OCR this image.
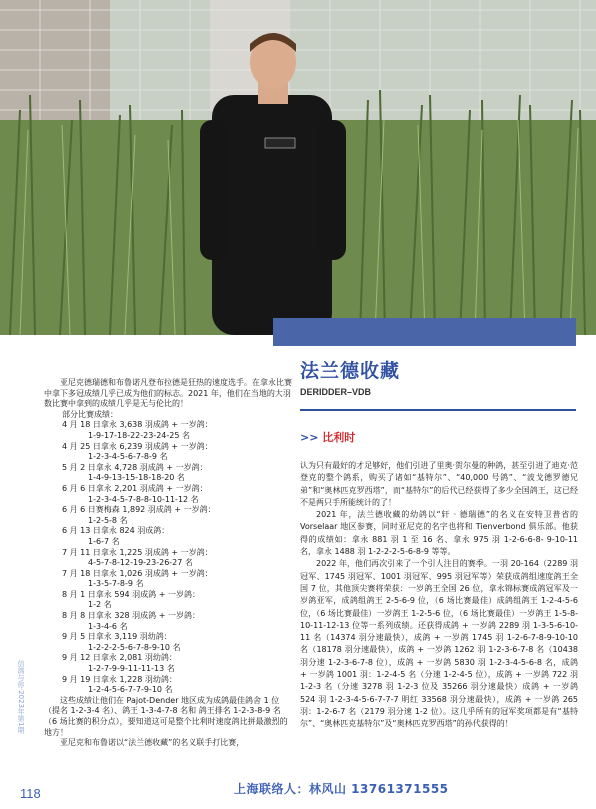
法兰德收藏
DERIDDER–VDB
>> 比利时

认为只有最好的才足够好，他们引进了里奥·贺尔曼的种鸽，甚至引进了迪克·范登克的整个鸽系，购买了诸如“基特尔”、“40,000 号鸽”、“波戈德罗德兄弟”和“奥林匹克罗西塔”，而“基特尔”的后代已经获得了多少全国鸽王，这已经不是两只手所能统计的了！

2021 年，法兰德收藏的幼鸽以“轩 · 德瑞德”的名义在安特卫普省的 Vorselaar 地区参赛，同时亚尼克的名字也将和 Tienverbond 俱乐部。他获得的成绩如：拿永 881 羽 1 至 16 名、拿永 975 羽 1-2-6-6-8- 9-10-11 名，拿永 1488 羽 1-2-2-2-5-6-8-9 等等。

2022 年，他们再次引来了一个引人注目的赛季。一羽 20-164（2289 羽冠军、1745 羽冠军、1001 羽冠军、995 羽冠军等）荣获成鸽组速度鸽王全国 7 位，其他顶尖赛将荣获：一岁鸽王全国 26 位，拿永锦标赛成鸽冠军及一岁鸽亚军，成鸽组鸽王 2-5-6-9 位，（6 场比赛最佳）成鸽组鸽王 1-2-4-5-6 位，（6 场比赛最佳）一岁鸽王 1-2-5-6 位，（6 场比赛最佳）一岁鸽王 1-5-8-10-11-12-13 位等一系列成绩。还获得成鸽 + 一岁鸽 2289 羽 1-3-5-6-10-11 名（14374 羽分速最快），成鸽 + 一岁鸽 1745 羽 1-2-6-7-8-9-10-10 名（18178 羽分速最快），成鸽 + 一岁鸽 1262 羽 1-2-3-6-7-8 名（10438 羽分速 1-2-3-6-7-8 位），成鸽 + 一岁鸽 5830 羽 1-2-3-4-5-6-8 名，成鸽 + 一岁鸽 1001 羽：1-2-4-5 名（分速 1-2-4-5 位），成鸽 + 一岁鸽 722 羽 1-2-3 名（分速 3278 羽 1-2-3 位及 35266 羽分速最快）成鸽 + 一岁鸽 524 羽 1-2-3-4-5-6-7-7-7 明红 33568 羽分速最快），成鸽 + 一岁鸽 265 羽：1-2-6-7 名（2179 羽分速 1-2 位）。这几乎所有的冠军奖项都是有“基特尔”、“奥林匹克基特尔”及“奥林匹克罗西塔”的孙代获得的！

亚尼克德瑞德和布鲁诺凡登布拉德是狂热的速度选手。在拿永比赛中拿下多冠成绩几乎已成为他们的标志。2021 年，他们在当地的大羽数比赛中拿到的成绩几乎是无与伦比的！

部分比赛成绩：

4 月 18 日拿永 3,638 羽成鸽 + 一岁鸽：
1-9-17-18-22-23-24-25 名
4 月 25 日拿永 6,239 羽成鸽 + 一岁鸽：
1-2-3-4-5-6-7-8-9 名
5 月 2 日拿永 4,728 羽成鸽 + 一岁鸽：
1-4-9-13-15-18-18-20 名
6 月 6 日拿永 2,201 羽成鸽 + 一岁鸽：
1-2-3-4-5-7-8-8-10-11-12 名
6 月 6 日赛梅森 1,892 羽成鸽 + 一岁鸽：
1-2-5-8 名
6 月 13 日拿永 824 羽成鸽：
1-6-7 名
7 月 11 日拿永 1,225 羽成鸽 + 一岁鸽：
4-5-7-8-12-19-23-26-27 名
7 月 18 日拿永 1,026 羽成鸽 + 一岁鸽：
1-3-5-7-8-9 名
8 月 1 日拿永 594 羽成鸽 + 一岁鸽：
1-2 名
8 月 8 日拿永 328 羽成鸽 + 一岁鸽：
1-3-4-6 名
9 月 5 日拿永 3,119 羽幼鸽：
1-2-2-2-5-6-7-8-9-10 名
9 月 12 日拿永 2,081 羽幼鸽：
1-2-7-9-9-11-11-13 名
9 月 19 日拿永 1,228 羽幼鸽：
1-2-4-5-6-7-7-9-10 名

这些成绩让他们在 Pajot-Dender 地区成为成鸽最佳鸽舍 1 位（提名 1-2-3-4 名）、鸽王 1-3-4-7-8 名和 鸽王排名 1-2-3-8-9 名（6 场比赛的积分点），要知道这可是整个比利时速度鸽比拼最激烈的地方！

亚尼克和布鲁诺以“法兰德收藏”的名义联手打比赛，

信鸽与你·2023年第1期
118	上海联络人：林风山 13761371555
